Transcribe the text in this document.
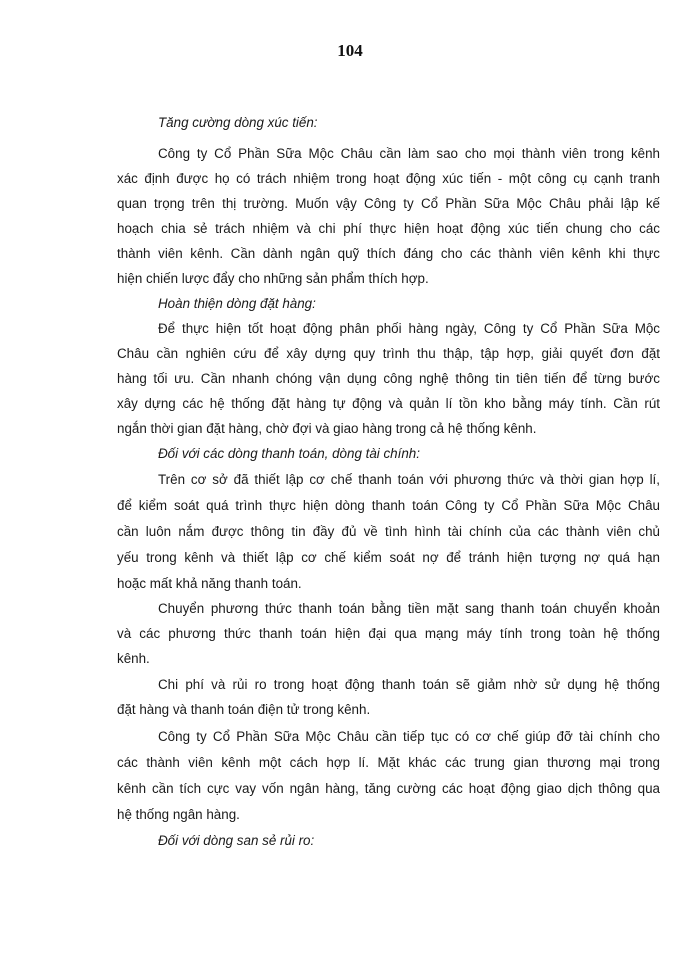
104
Tăng cường dòng xúc tiến:
Công ty Cổ Phần Sữa Mộc Châu cần làm sao cho mọi thành viên trong kênh
xác định được họ có trách nhiệm trong hoạt động xúc tiến - một công cụ cạnh tranh
quan trọng trên thị trường. Muốn vậy Công ty Cổ Phần Sữa Mộc Châu phải lập kế
hoạch chia sẻ trách nhiệm và chi phí thực hiện hoạt động xúc tiến chung cho các
thành viên kênh. Cần dành ngân quỹ thích đáng cho các thành viên kênh khi thực
hiện chiến lược đẩy cho những sản phẩm thích hợp.
Hoàn thiện dòng đặt hàng:
Để thực hiện tốt hoạt động phân phối hàng ngày, Công ty Cổ Phần Sữa Mộc
Châu cần nghiên cứu để xây dựng quy trình thu thập, tập hợp, giải quyết đơn đặt
hàng tối ưu. Cần nhanh chóng vận dụng công nghệ thông tin tiên tiến để từng bước
xây dựng các hệ thống đặt hàng tự động và quản lí tồn kho bằng máy tính. Cần rút
ngắn thời gian đặt hàng, chờ đợi và giao hàng trong cả hệ thống kênh.
Đối với các dòng thanh toán, dòng tài chính:
Trên cơ sở đã thiết lập cơ chế thanh toán với phương thức và thời gian hợp lí,
để kiểm soát quá trình thực hiện dòng thanh toán Công ty Cổ Phần Sữa Mộc Châu
cần luôn nắm được thông tin đầy đủ về tình hình tài chính của các thành viên chủ
yếu trong kênh và thiết lập cơ chế kiểm soát nợ để tránh hiện tượng nợ quá hạn
hoặc mất khả năng thanh toán.
Chuyển phương thức thanh toán bằng tiền mặt sang thanh toán chuyển khoản
và các phương thức thanh toán hiện đại qua mạng máy tính trong toàn hệ thống
kênh.
Chi phí và rủi ro trong hoạt động thanh toán sẽ giảm nhờ sử dụng hệ thống
đặt hàng và thanh toán điện tử trong kênh.
Công ty Cổ Phần Sữa Mộc Châu cần tiếp tục có cơ chế giúp đỡ tài chính cho
các thành viên kênh một cách hợp lí. Mặt khác các trung gian thương mại trong
kênh cần tích cực vay vốn ngân hàng, tăng cường các hoạt động giao dịch thông qua
hệ thống ngân hàng.
Đối với dòng san sẻ rủi ro:
